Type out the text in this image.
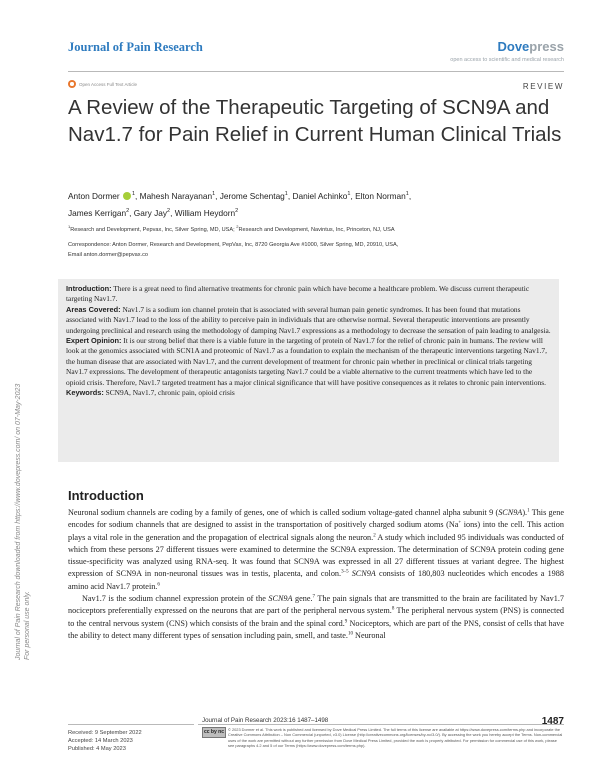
Journal of Pain Research	Dovepress
open access to scientific and medical research
Open Access Full Text Article	REVIEW
A Review of the Therapeutic Targeting of SCN9A and Nav1.7 for Pain Relief in Current Human Clinical Trials
Anton Dormer $^1$, Mahesh Narayanan$^1$, Jerome Schentag$^1$, Daniel Achinko$^1$, Elton Norman$^1$,
James Kerrigan$^2$, Gary Jay$^2$, William Heydorn$^2$
$^1$Research and Development, Pepvax, Inc, Silver Spring, MD, USA; $^2$Research and Development, Navintus, Inc, Princeton, NJ, USA
Correspondence: Anton Dormer, Research and Development, PepVax, Inc, 8720 Georgia Ave #1000, Silver Spring, MD, 20910, USA,
Email anton.dormer@pepvax.co

Introduction: There is a great need to find alternative treatments for chronic pain which have become a healthcare problem. We discuss current therapeutic targeting Nav1.7.

Areas Covered: Nav1.7 is a sodium ion channel protein that is associated with several human pain genetic syndromes. It has been found that mutations associated with Nav1.7 lead to the loss of the ability to perceive pain in individuals that are otherwise normal. Several therapeutic interventions are presently undergoing preclinical and research using the methodology of damping Nav1.7 expressions as a methodology to decrease the sensation of pain leading to analgesia.

Expert Opinion: It is our strong belief that there is a viable future in the targeting of protein of Nav1.7 for the relief of chronic pain in humans. The review will look at the genomics associated with SCN1A and proteomic of Nav1.7 as a foundation to explain the mechanism of the therapeutic interventions targeting Nav1.7, the human disease that are associated with Nav1.7, and the current development of treatment for chronic pain whether in preclinical or clinical trials targeting Nav1.7 expressions. The development of therapeutic antagonists targeting Nav1.7 could be a viable alternative to the current treatments which have led to the opioid crisis. Therefore, Nav1.7 targeted treatment has a major clinical significance that will have positive consequences as it relates to chronic pain interventions.

Keywords: SCN9A, Nav1.7, chronic pain, opioid crisis

Introduction

Neuronal sodium channels are coding by a family of genes, one of which is called sodium voltage-gated channel alpha subunit 9 (SCN9A).$^1$ This gene encodes for sodium channels that are designed to assist in the transportation of positively charged sodium atoms (Na+ ions) into the cell. This action plays a vital role in the generation and the propagation of electrical signals along the neuron.$^2$ A study which included 95 individuals was conducted of which from these persons 27 different tissues were examined to determine the SCN9A expression. The determination of SCN9A protein coding gene tissue-specificity was analyzed using RNA-seq. It was found that SCN9A was expressed in all 27 different tissues at variant degree. The highest expression of SCN9A in non-neuronal tissues was in testis, placenta, and colon.$^{3-5}$ SCN9A consists of 180,803 nucleotides which encodes a 1988 amino acid Nav1.7 protein.$^6$

Nav1.7 is the sodium channel expression protein of the SCN9A gene.$^7$ The pain signals that are transmitted to the brain are facilitated by Nav1.7 nociceptors preferentially expressed on the neurons that are part of the peripheral nervous system.$^8$ The peripheral nervous system (PNS) is connected to the central nervous system (CNS) which consists of the brain and the spinal cord.$^9$ Nociceptors, which are part of the PNS, consist of cells that have the ability to detect many different types of sensation including pain, smell, and taste.$^{10}$ Neuronal

Journal of Pain Research downloaded from https://www.dovepress.com/ on 07-May-2023 For personal use only.
Received: 9 September 2022
Accepted: 14 March 2023
Published: 4 May 2023
Journal of Pain Research 2023:16 1487–1498	1487
cc by nc	© 2023 Dormer et al. This work is published and licensed by Dove Medical Press Limited. The full terms of this license are available at https://www.dovepress.com/terms.php and incorporate the Creative Commons Attribution – Non Commercial (unported, v3.0) License (http://creativecommons.org/licenses/by-nc/3.0/). By accessing the work you hereby accept the Terms. Non-commercial uses of the work are permitted without any further permission from Dove Medical Press Limited, provided the work is properly attributed. For permission for commercial use of this work, please see paragraphs 4.2 and 5 of our Terms (https://www.dovepress.com/terms.php).
